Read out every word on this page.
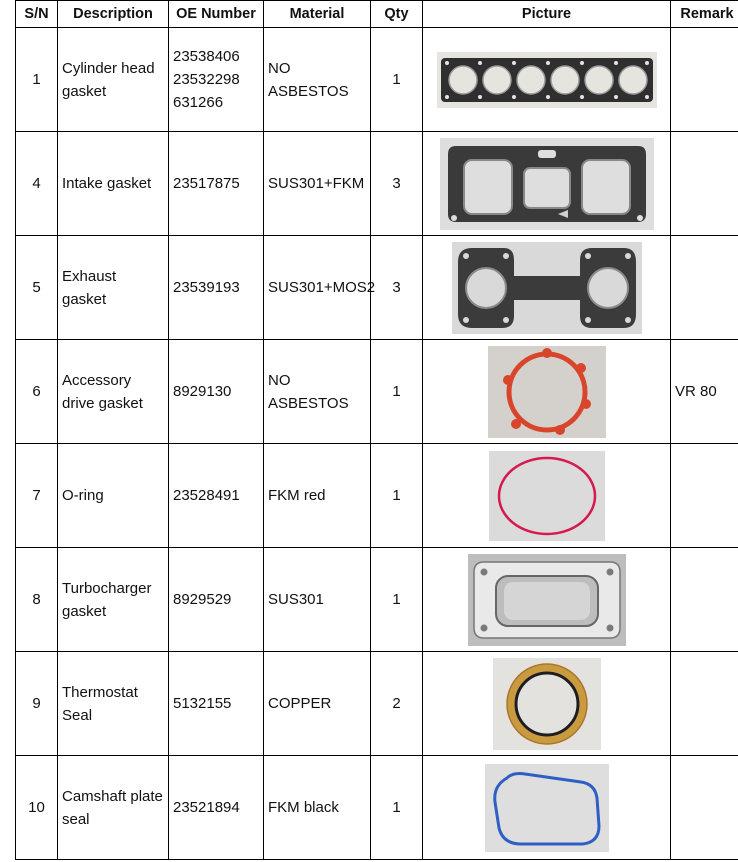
S/N	Description	OE Number	Material	Qty	Picture	Remark
1	Cylinder head gasket	23538406
23532298
631266	NO ASBESTOS	1	

4	Intake gasket	23517875	SUS301+FKM	3	

5	Exhaust gasket	23539193	SUS301+MOS2	3	

6	Accessory drive gasket	8929130	NO ASBESTOS	1		VR 80
7	O-ring	23528491	FKM red	1	

8	Turbocharger gasket	8929529	SUS301	1	

9	Thermostat Seal	5132155	COPPER	2	

10	Camshaft plate seal	23521894	FKM black	1	
